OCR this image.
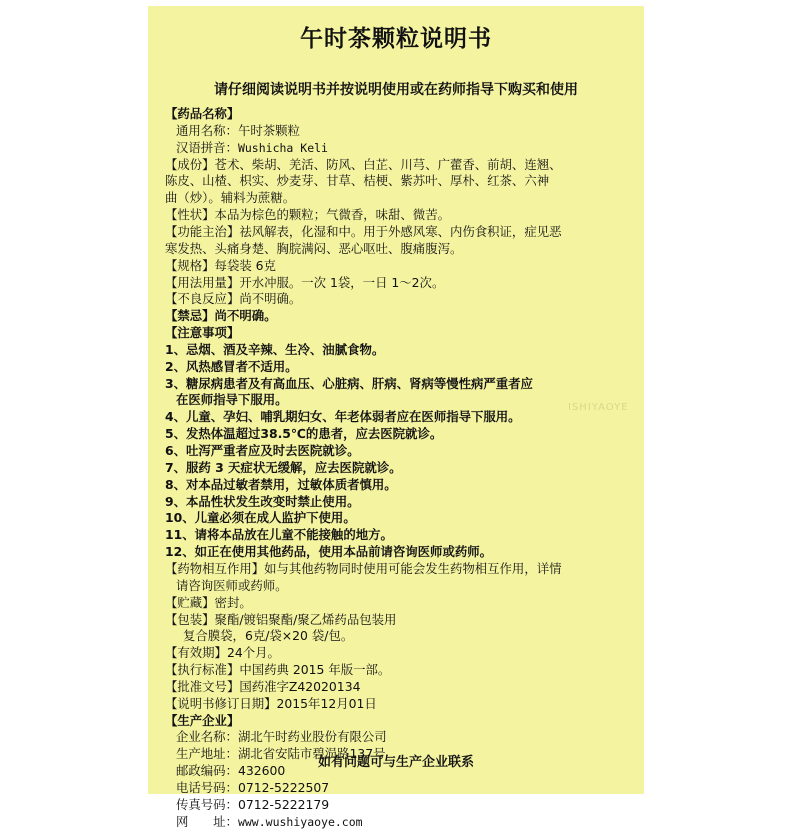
ISHIYAOYE
午时茶颗粒说明书
请仔细阅读说明书并按说明使用或在药师指导下购买和使用
【药品名称】
通用名称：午时茶颗粒
汉语拼音：Wushicha Keli
【成份】苍术、柴胡、羌活、防风、白芷、川芎、广藿香、前胡、连翘、
陈皮、山楂、枳实、炒麦芽、甘草、桔梗、紫苏叶、厚朴、红茶、六神
曲（炒）。辅料为蔗糖。
【性状】本品为棕色的颗粒；气微香，味甜、微苦。
【功能主治】祛风解表，化湿和中。用于外感风寒、内伤食积证，症见恶
寒发热、头痛身楚、胸脘满闷、恶心呕吐、腹痛腹泻。
【规格】每袋装 6克
【用法用量】开水冲服。一次 1袋，一日 1～2次。
【不良反应】尚不明确。
【禁忌】尚不明确。
【注意事项】
1、忌烟、酒及辛辣、生冷、油腻食物。
2、风热感冒者不适用。
3、糖尿病患者及有高血压、心脏病、肝病、肾病等慢性病严重者应
在医师指导下服用。
4、儿童、孕妇、哺乳期妇女、年老体弱者应在医师指导下服用。
5、发热体温超过38.5℃的患者，应去医院就诊。
6、吐泻严重者应及时去医院就诊。
7、服药 3 天症状无缓解，应去医院就诊。
8、对本品过敏者禁用，过敏体质者慎用。
9、本品性状发生改变时禁止使用。
10、儿童必须在成人监护下使用。
11、请将本品放在儿童不能接触的地方。
12、如正在使用其他药品，使用本品前请咨询医师或药师。
【药物相互作用】如与其他药物同时使用可能会发生药物相互作用，详情
请咨询医师或药师。
【贮藏】密封。
【包装】聚酯/镀铝聚酯/聚乙烯药品包装用
复合膜袋，6克/袋×20 袋/包。
【有效期】24个月。
【执行标准】中国药典 2015 年版一部。
【批准文号】国药准字Z42020134
【说明书修订日期】2015年12月01日
【生产企业】
企业名称：湖北午时药业股份有限公司
生产地址：湖北省安陆市碧涢路137号
邮政编码：432600
电话号码：0712-5222507
传真号码：0712-5222179
网　　址：www.wushiyaoye.com
如有问题可与生产企业联系
